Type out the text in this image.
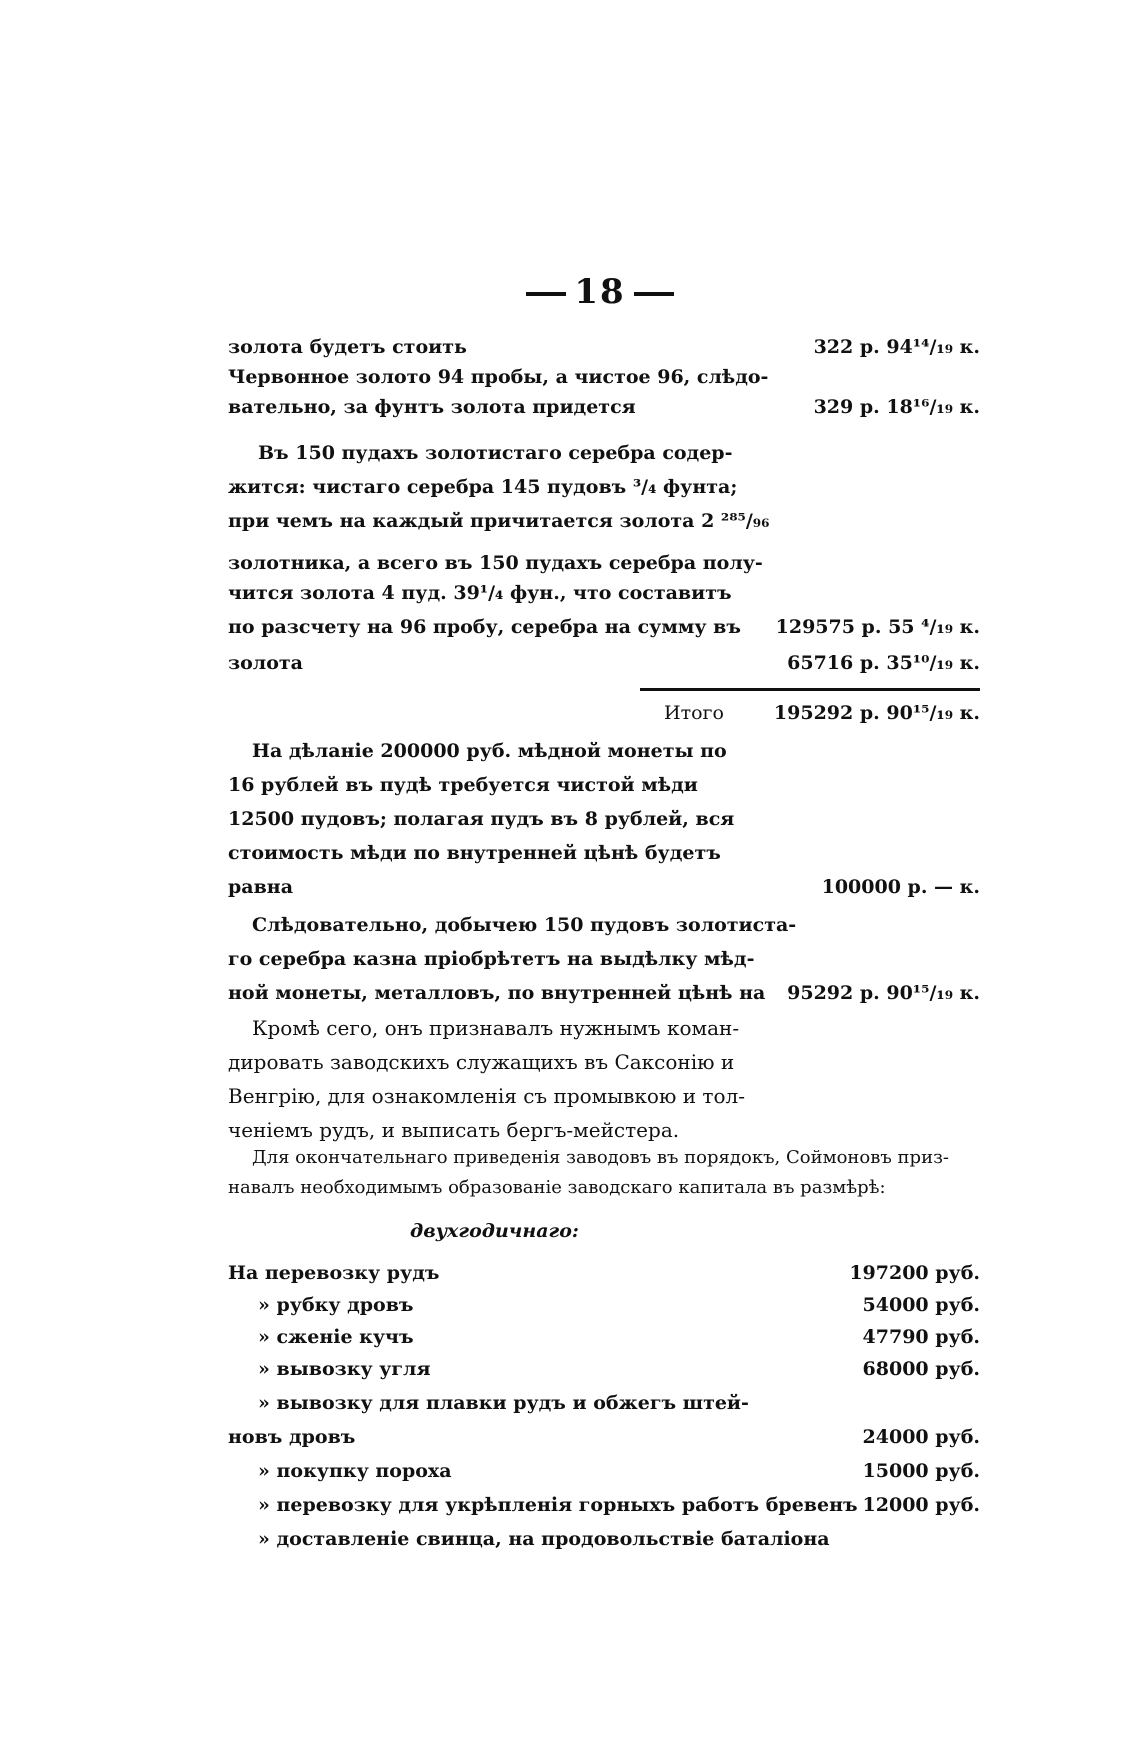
18
золота будетъ стоить	322 р. 94¹⁴/₁₉ к.
Червонное золото 94 пробы, а чистое 96, слѣдо-
вательно, за фунтъ золота придется	329 р. 18¹⁶/₁₉ к.
Въ 150 пудахъ золотистаго серебра содер-
жится: чистаго серебра 145 пудовъ ³/₄ фунта;
при чемъ на каждый причитается золота 2 ²⁸⁵/₉₆
золотника, а всего въ 150 пудахъ серебра полу-
чится золота 4 пуд. 39¹/₄ фун., что составитъ
по разсчету на 96 пробу, серебра на сумму въ 129575 р. 55 ⁴/₁₉ к.
золота	65716 р. 35¹⁰/₁₉ к.
Итого	195292 р. 90¹⁵/₁₉ к.
На дѣланіе 200000 руб. мѣдной монеты по
16 рублей въ пудѣ требуется чистой мѣди
12500 пудовъ; полагая пудъ въ 8 рублей, вся
стоимость мѣди по внутренней цѣнѣ будетъ
равна	100000 р. — к.
Слѣдовательно, добычею 150 пудовъ золотиста-
го серебра казна пріобрѣтетъ на выдѣлку мѣд-
ной монеты, металловъ, по внутренней цѣнѣ на 95292 р. 90¹⁵/₁₉ к.
Кромѣ сего, онъ признавалъ нужнымъ коман-
дировать заводскихъ служащихъ въ Саксонію и
Венгрію, для ознакомленія съ промывкою и тол-
ченіемъ рудъ, и выписать бергъ-мейстера.
Для окончательнаго приведенія заводовъ въ порядокъ, Соймоновъ приз-
навалъ необходимымъ образованіе заводскаго капитала въ размѣрѣ:
двухгодичнаго:
На перевозку рудъ	197200 руб.
» рубку дровъ	54000 руб.
» сженіе кучъ	47790 руб.
» вывозку угля	68000 руб.
» вывозку для плавки рудъ и обжегъ штей-
новъ дровъ	24000 руб.
» покупку пороха	15000 руб.
» перевозку для укрѣпленія горныхъ работъ бревенъ 12000 руб.
» доставленіе свинца, на продовольствіе баталіона
